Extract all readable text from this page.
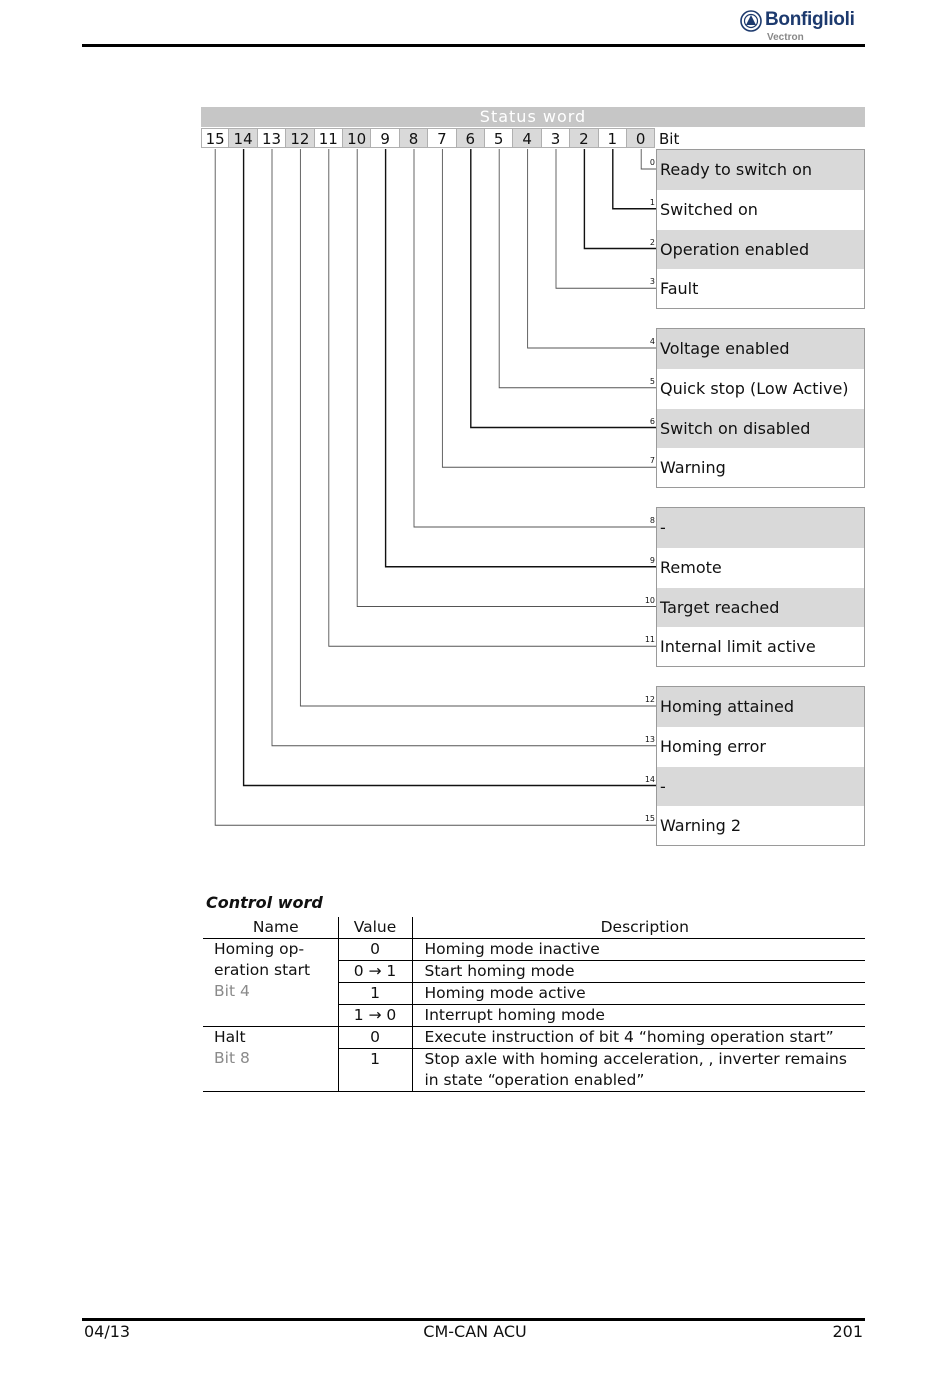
Bonfiglioli
Vectron
Status word
15 14 13 12 11 10 9	8	7	6	5	4	3	2	1	0 Bit
0
1
2
3
Ready to switch on
Switched on
Operation enabled
Fault
4
5
6
7
Voltage enabled
Quick stop (Low Active)
Switch on disabled
Warning
8
9
10
11
-
Remote
Target reached
Internal limit active
12
13
14
15
Homing attained
Homing error
-
Warning 2
Control word
Name	Value	Description

Homing op-
eration start
Bit 4	0	Homing mode inactive
	0 → 1	Start homing mode
	1	Homing mode active
	1 → 0	Interrupt homing mode

Halt
Bit 8	0	Execute instruction of bit 4 “homing operation start”
	1	Stop axle with homing acceleration, , inverter remains in state “operation enabled”
04/13	CM-CAN ACU	201
